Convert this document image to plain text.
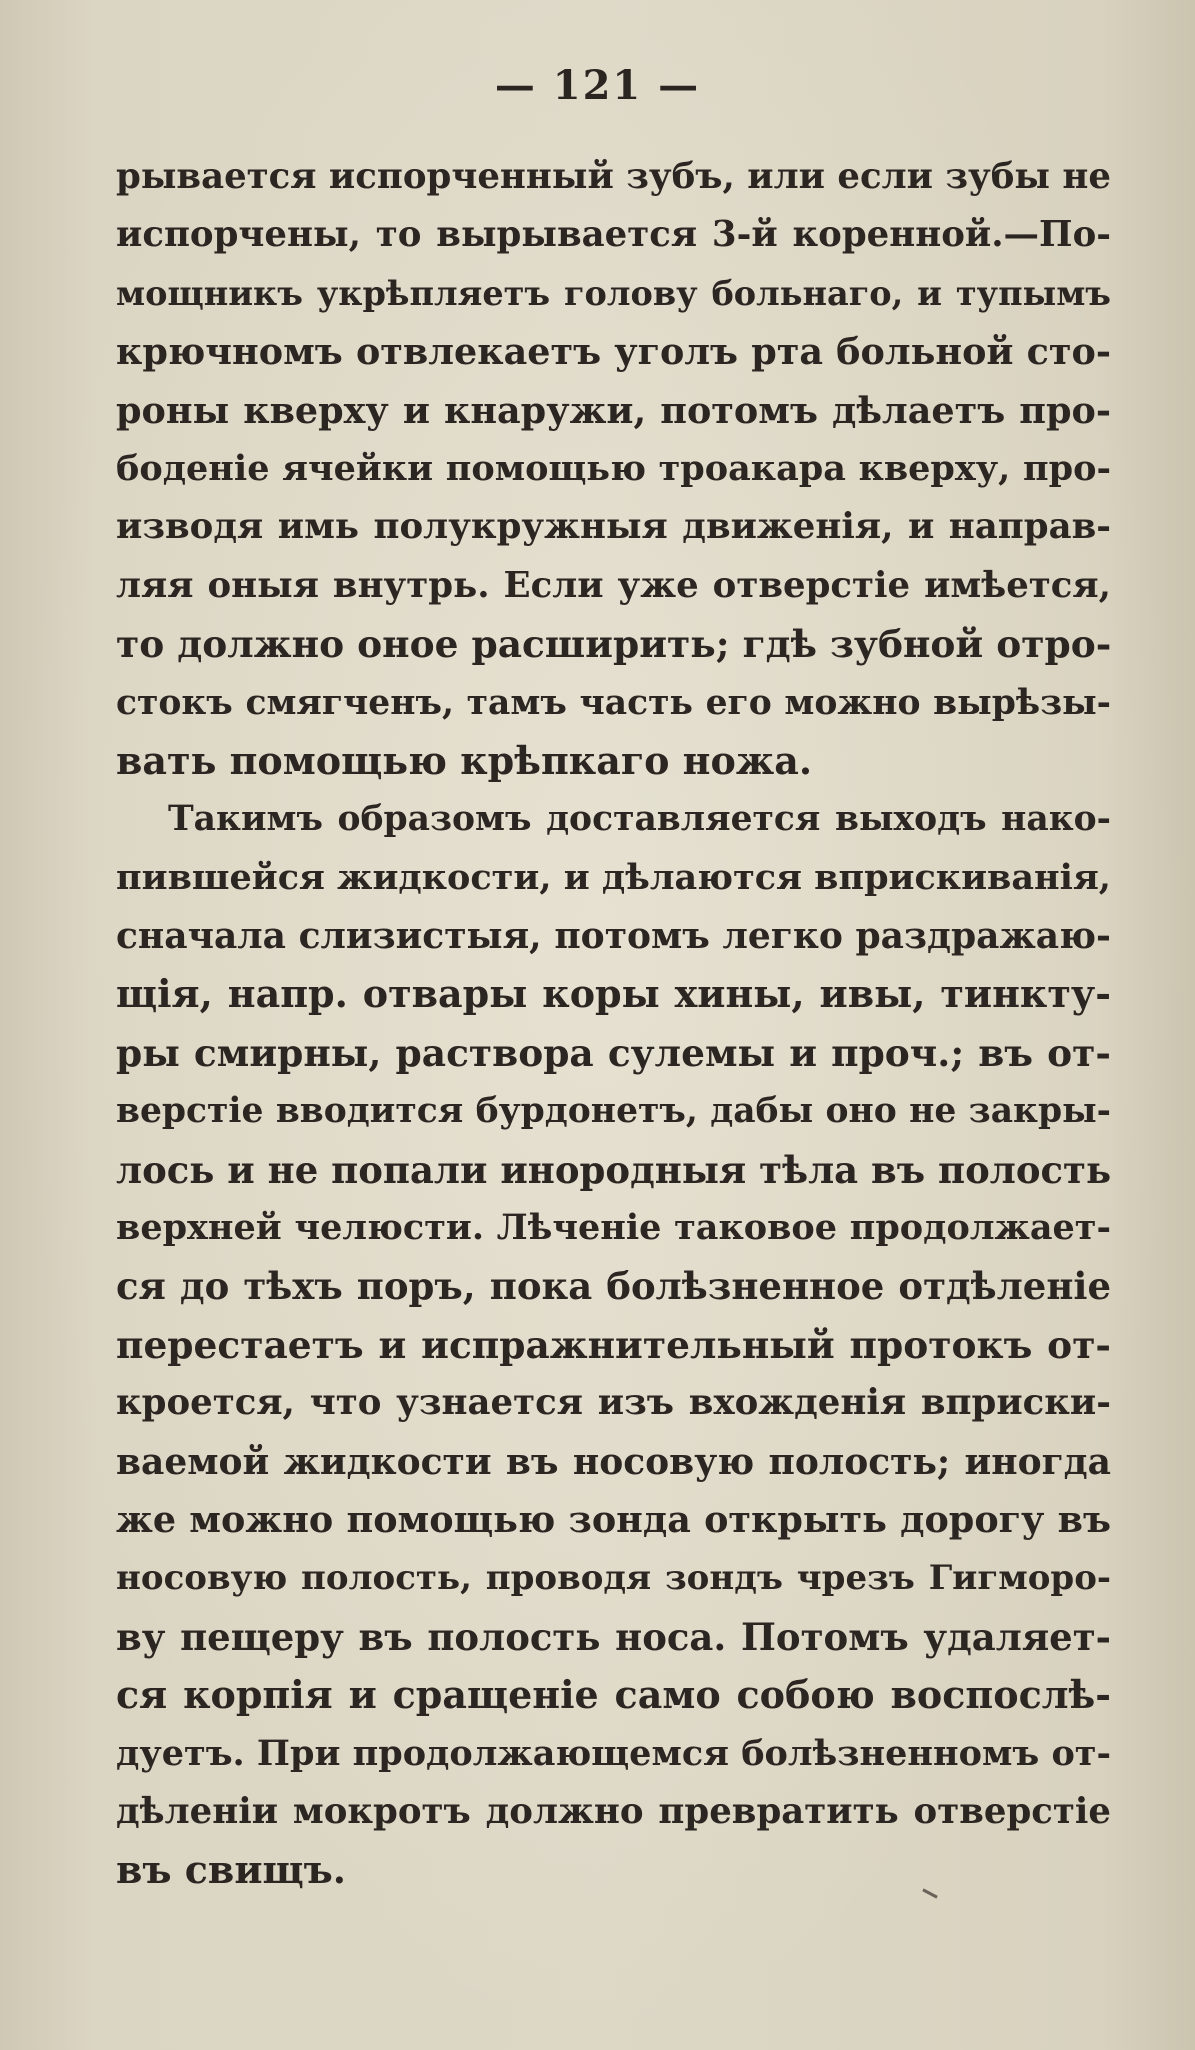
— 121 —
рывается испорченный зубъ, или если зубы не
испорчены, то вырывается 3-й коренной.—По-
мощникъ укрѣпляетъ голову больнаго, и тупымъ
крючномъ отвлекаетъ уголъ рта больной сто-
роны кверху и кнаружи, потомъ дѣлаетъ про-
боденіе ячейки помощью троакара кверху, про-
изводя имь полукружныя движенія, и направ-
ляя оныя внутрь. Если уже отверстіе имѣется,
то должно оное расширить; гдѣ зубной отро-
стокъ смягченъ, тамъ часть его можно вырѣзы-
вать помощью крѣпкаго ножа.
Такимъ образомъ доставляется выходъ нако-
пившейся жидкости, и дѣлаются вприскиванія,
сначала слизистыя, потомъ легко раздражаю-
щія, напр. отвары коры хины, ивы, тинкту-
ры смирны, раствора сулемы и проч.; въ от-
верстіе вводится бурдонетъ, дабы оно не закры-
лось и не попали инородныя тѣла въ полость
верхней челюсти. Лѣченіе таковое продолжает-
ся до тѣхъ поръ, пока болѣзненное отдѣленіе
перестаетъ и испражнительный протокъ от-
кроется, что узнается изъ вхожденія вприски-
ваемой жидкости въ носовую полость; иногда
же можно помощью зонда открыть дорогу въ
носовую полость, проводя зондъ чрезъ Гигморо-
ву пещеру въ полость носа. Потомъ удаляет-
ся корпія и сращеніе само собою воспослѣ-
дуетъ. При продолжающемся болѣзненномъ от-
дѣленіи мокротъ должно превратить отверстіе
въ свищъ.
